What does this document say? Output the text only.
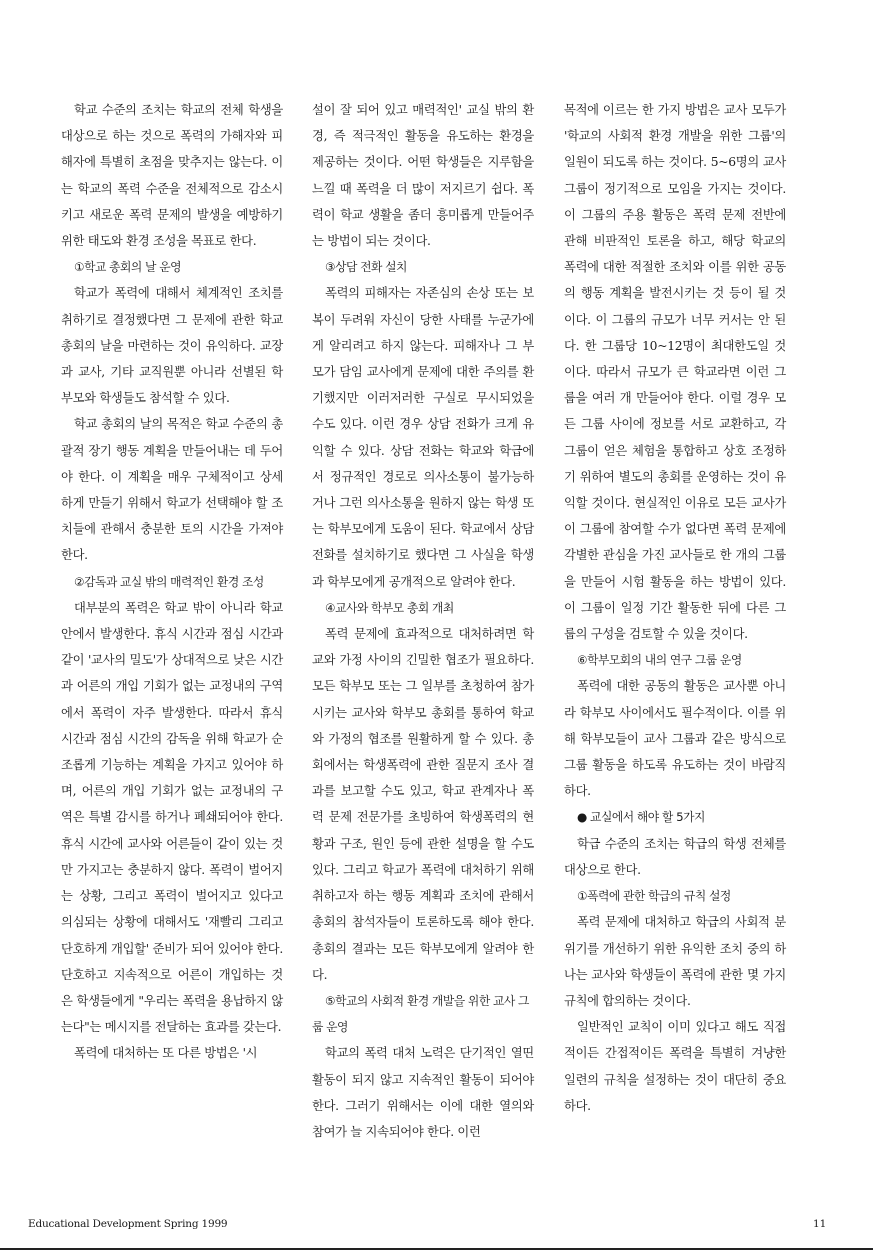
학교 수준의 조치는 학교의 전체 학생을 대상으로 하는 것으로 폭력의 가해자와 피해자에 특별히 초점을 맞추지는 않는다. 이는 학교의 폭력 수준을 전체적으로 감소시키고 새로운 폭력 문제의 발생을 예방하기 위한 태도와 환경 조성을 목표로 한다.

①학교 총회의 날 운영

학교가 폭력에 대해서 체계적인 조치를 취하기로 결정했다면 그 문제에 관한 학교 총회의 날을 마련하는 것이 유익하다. 교장과 교사, 기타 교직원뿐 아니라 선별된 학부모와 학생들도 참석할 수 있다.

학교 총회의 날의 목적은 학교 수준의 총괄적 장기 행동 계획을 만들어내는 데 두어야 한다. 이 계획을 매우 구체적이고 상세하게 만들기 위해서 학교가 선택해야 할 조치들에 관해서 충분한 토의 시간을 가져야 한다.

②감독과 교실 밖의 매력적인 환경 조성

대부분의 폭력은 학교 밖이 아니라 학교 안에서 발생한다. 휴식 시간과 점심 시간과 같이 '교사의 밀도'가 상대적으로 낮은 시간과 어른의 개입 기회가 없는 교정내의 구역에서 폭력이 자주 발생한다. 따라서 휴식 시간과 점심 시간의 감독을 위해 학교가 순조롭게 기능하는 계획을 가지고 있어야 하며, 어른의 개입 기회가 없는 교정내의 구역은 특별 감시를 하거나 폐쇄되어야 한다. 휴식 시간에 교사와 어른들이 같이 있는 것만 가지고는 충분하지 않다. 폭력이 벌어지는 상황, 그리고 폭력이 벌어지고 있다고 의심되는 상황에 대해서도 '재빨리 그리고 단호하게 개입할' 준비가 되어 있어야 한다. 단호하고 지속적으로 어른이 개입하는 것은 학생들에게 "우리는 폭력을 용납하지 않는다"는 메시지를 전달하는 효과를 갖는다.

폭력에 대처하는 또 다른 방법은 '시

설이 잘 되어 있고 매력적인' 교실 밖의 환경, 즉 적극적인 활동을 유도하는 환경을 제공하는 것이다. 어떤 학생들은 지루함을 느낄 때 폭력을 더 많이 저지르기 쉽다. 폭력이 학교 생활을 좀더 흥미롭게 만들어주는 방법이 되는 것이다.

③상담 전화 설치

폭력의 피해자는 자존심의 손상 또는 보복이 두려워 자신이 당한 사태를 누군가에게 알리려고 하지 않는다. 피해자나 그 부모가 담임 교사에게 문제에 대한 주의를 환기했지만 이러저러한 구실로 무시되었을 수도 있다. 이런 경우 상담 전화가 크게 유익할 수 있다. 상담 전화는 학교와 학급에서 정규적인 경로로 의사소통이 불가능하거나 그런 의사소통을 원하지 않는 학생 또는 학부모에게 도움이 된다. 학교에서 상담 전화를 설치하기로 했다면 그 사실을 학생과 학부모에게 공개적으로 알려야 한다.

④교사와 학부모 총회 개최

폭력 문제에 효과적으로 대처하려면 학교와 가정 사이의 긴밀한 협조가 필요하다. 모든 학부모 또는 그 일부를 초청하여 참가시키는 교사와 학부모 총회를 통하여 학교와 가정의 협조를 원활하게 할 수 있다. 총회에서는 학생폭력에 관한 질문지 조사 결과를 보고할 수도 있고, 학교 관계자나 폭력 문제 전문가를 초빙하여 학생폭력의 현황과 구조, 원인 등에 관한 설명을 할 수도 있다. 그리고 학교가 폭력에 대처하기 위해 취하고자 하는 행동 계획과 조치에 관해서 총회의 참석자들이 토론하도록 해야 한다. 총회의 결과는 모든 학부모에게 알려야 한다.

⑤학교의 사회적 환경 개발을 위한 교사 그룹 운영

학교의 폭력 대처 노력은 단기적인 열띤 활동이 되지 않고 지속적인 활동이 되어야 한다. 그러기 위해서는 이에 대한 열의와 참여가 늘 지속되어야 한다. 이런

목적에 이르는 한 가지 방법은 교사 모두가 '학교의 사회적 환경 개발을 위한 그룹'의 일원이 되도록 하는 것이다. 5~6명의 교사 그룹이 정기적으로 모임을 가지는 것이다. 이 그룹의 주용 활동은 폭력 문제 전반에 관해 비판적인 토론을 하고, 해당 학교의 폭력에 대한 적절한 조치와 이를 위한 공동의 행동 계획을 발전시키는 것 등이 될 것이다. 이 그룹의 규모가 너무 커서는 안 된다. 한 그룹당 10~12명이 최대한도일 것이다. 따라서 규모가 큰 학교라면 이런 그룹을 여러 개 만들어야 한다. 이럴 경우 모든 그룹 사이에 정보를 서로 교환하고, 각 그룹이 얻은 체험을 통합하고 상호 조정하기 위하여 별도의 총회를 운영하는 것이 유익할 것이다. 현실적인 이유로 모든 교사가 이 그룹에 참여할 수가 없다면 폭력 문제에 각별한 관심을 가진 교사들로 한 개의 그룹을 만들어 시험 활동을 하는 방법이 있다. 이 그룹이 일정 기간 활동한 뒤에 다른 그룹의 구성을 검토할 수 있을 것이다.

⑥학부모회의 내의 연구 그룹 운영

폭력에 대한 공동의 활동은 교사뿐 아니라 학부모 사이에서도 필수적이다. 이를 위해 학부모들이 교사 그룹과 같은 방식으로 그룹 활동을 하도록 유도하는 것이 바람직하다.

● 교실에서 해야 할 5가지

학급 수준의 조치는 학급의 학생 전체를 대상으로 한다.

①폭력에 관한 학급의 규칙 설정

폭력 문제에 대처하고 학급의 사회적 분위기를 개선하기 위한 유익한 조치 중의 하나는 교사와 학생들이 폭력에 관한 몇 가지 규칙에 합의하는 것이다.

일반적인 교칙이 이미 있다고 해도 직접적이든 간접적이든 폭력을 특별히 겨냥한 일련의 규칙을 설정하는 것이 대단히 중요하다.

Educational Development Spring 1999	11
